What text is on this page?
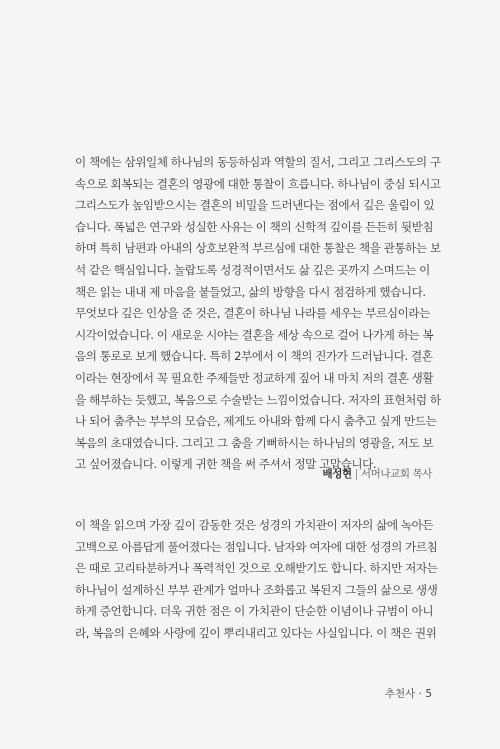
이 책에는 삼위일체 하나님의 동등하심과 역할의 질서, 그리고 그리스도의 구
속으로 회복되는 결혼의 영광에 대한 통찰이 흐릅니다. 하나님이 중심 되시고
그리스도가 높임받으시는 결혼의 비밀을 드러낸다는 점에서 깊은 울림이 있
습니다. 폭넓은 연구와 성실한 사유는 이 책의 신학적 깊이를 든든히 뒷받침
하며 특히 남편과 아내의 상호보완적 부르심에 대한 통찰은 책을 관통하는 보
석 같은 핵심입니다. 놀랍도록 성경적이면서도 삶 깊은 곳까지 스며드는 이
책은 읽는 내내 제 마음을 붙들었고, 삶의 방향을 다시 점검하게 했습니다.
무엇보다 깊은 인상을 준 것은, 결혼이 하나님 나라를 세우는 부르심이라는
시각이었습니다. 이 새로운 시야는 결혼을 세상 속으로 걸어 나가게 하는 복
음의 통로로 보게 했습니다. 특히 2부에서 이 책의 진가가 드러납니다. 결혼
이라는 현장에서 꼭 필요한 주제들만 정교하게 짚어 내 마치 저의 결혼 생활
을 해부하는 듯했고, 복음으로 수술받는 느낌이었습니다. 저자의 표현처럼 하
나 되어 춤추는 부부의 모습은, 제게도 아내와 함께 다시 춤추고 싶게 만드는
복음의 초대였습니다. 그리고 그 춤을 기뻐하시는 하나님의 영광을, 저도 보
고 싶어졌습니다. 이렇게 귀한 책을 써 주셔서 정말 고맙습니다.
배성현 | 서머나교회 목사
이 책을 읽으며 가장 깊이 감동한 것은 성경의 가치관이 저자의 삶에 녹아든
고백으로 아름답게 풀어졌다는 점입니다. 남자와 여자에 대한 성경의 가르침
은 때로 고리타분하거나 폭력적인 것으로 오해받기도 합니다. 하지만 저자는
하나님이 설계하신 부부 관계가 얼마나 조화롭고 복된지 그들의 삶으로 생생
하게 증언합니다. 더욱 귀한 점은 이 가치관이 단순한 이념이나 규범이 아니
라, 복음의 은혜와 사랑에 깊이 뿌리내리고 있다는 사실입니다. 이 책은 권위
추천사 · 5
